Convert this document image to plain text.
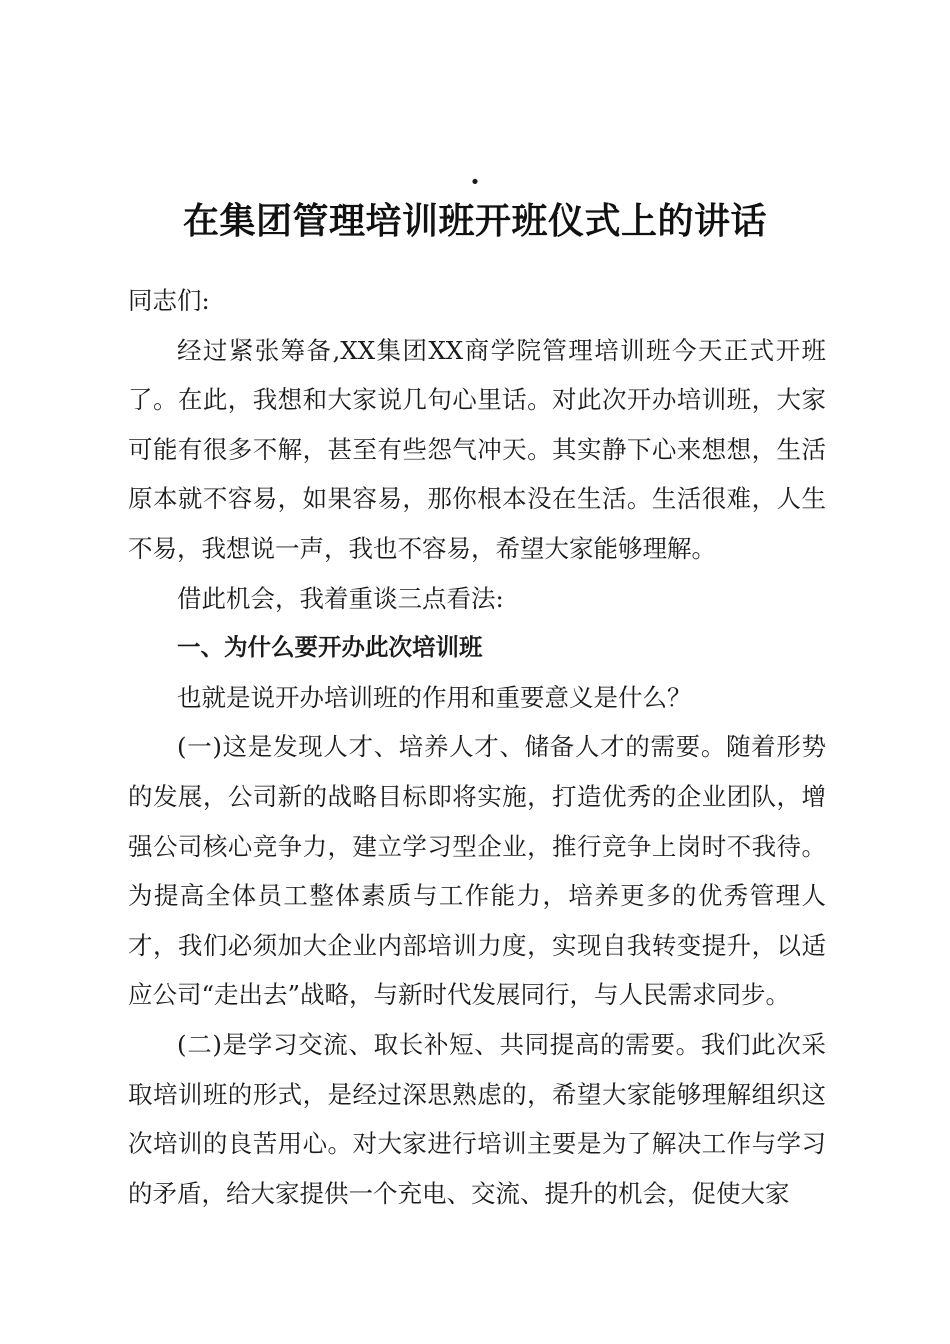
·
在集团管理培训班开班仪式上的讲话

同志们:

经过紧张筹备,XX集团XX商学院管理培训班今天正式开班了。在此，我想和大家说几句心里话。对此次开办培训班，大家可能有很多不解，甚至有些怨气冲天。其实静下心来想想，生活原本就不容易，如果容易，那你根本没在生活。生活很难，人生不易，我想说一声，我也不容易，希望大家能够理解。

借此机会，我着重谈三点看法:

一、为什么要开办此次培训班

也就是说开办培训班的作用和重要意义是什么？

(一)这是发现人才、培养人才、储备人才的需要。随着形势的发展，公司新的战略目标即将实施，打造优秀的企业团队，增强公司核心竞争力，建立学习型企业，推行竞争上岗时不我待。为提高全体员工整体素质与工作能力，培养更多的优秀管理人才，我们必须加大企业内部培训力度，实现自我转变提升，以适应公司“走出去”战略，与新时代发展同行，与人民需求同步。

(二)是学习交流、取长补短、共同提高的需要。我们此次采取培训班的形式，是经过深思熟虑的，希望大家能够理解组织这次培训的良苦用心。对大家进行培训主要是为了解决工作与学习的矛盾，给大家提供一个充电、交流、提升的机会，促使大家
